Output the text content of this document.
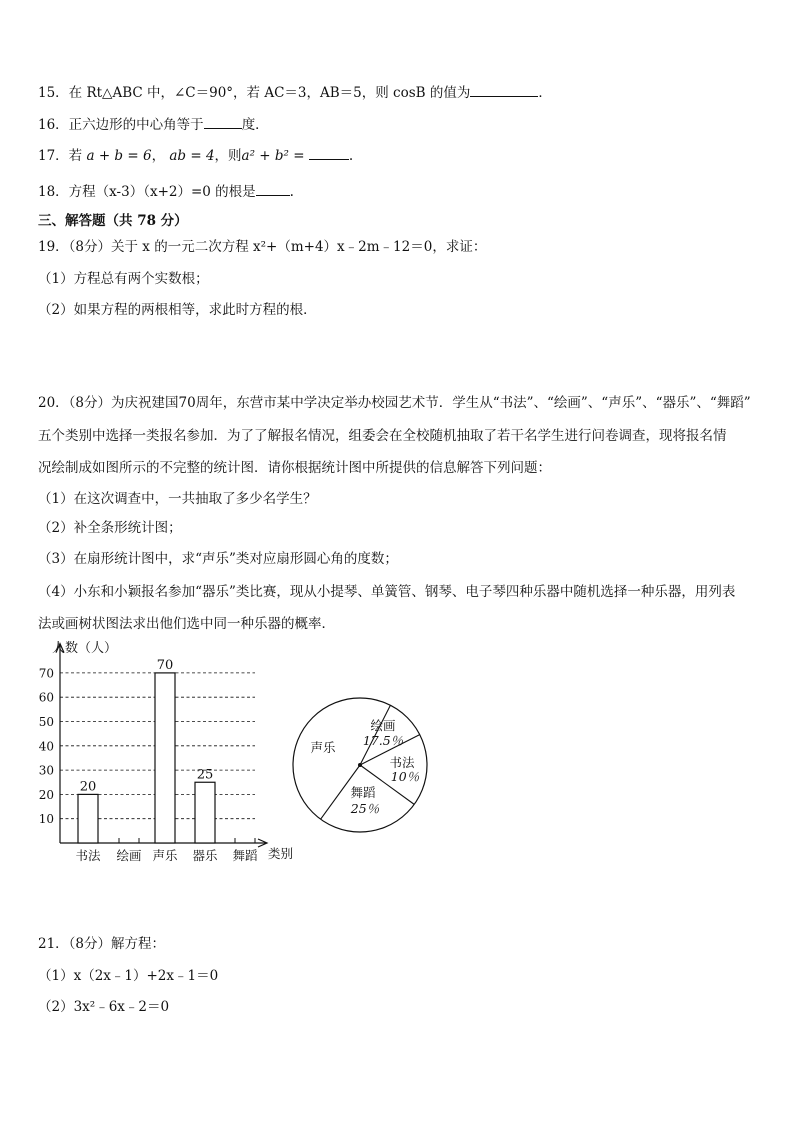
15．在 Rt△ABC 中，∠C＝90°，若 AC＝3，AB＝5，则 cosB 的值为	．
16．正六边形的中心角等于	度．
17．若 a + b = 6， ab = 4，则a² + b² =	.
18．方程（x-3）（x+2）=0 的根是	.
三、解答题（共 78 分）
19．（8分）关于 x 的一元二次方程 x²+（m+4）x﹣2m﹣12＝0，求证：
（1）方程总有两个实数根；
（2）如果方程的两根相等，求此时方程的根．
20．（8分）为庆祝建国70周年，东营市某中学决定举办校园艺术节．学生从“书法”、“绘画”、“声乐”、“器乐”、“舞蹈”
五个类别中选择一类报名参加．为了了解报名情况，组委会在全校随机抽取了若干名学生进行问卷调查，现将报名情
况绘制成如图所示的不完整的统计图．请你根据统计图中所提供的信息解答下列问题：
（1）在这次调查中，一共抽取了多少名学生？
（2）补全条形统计图；
（3）在扇形统计图中，求“声乐”类对应扇形圆心角的度数；
（4）小东和小颖报名参加“器乐”类比赛，现从小提琴、单簧管、钢琴、电子琴四种乐器中随机选择一种乐器，用列表
法或画树状图法求出他们选中同一种乐器的概率．
10
20
30
40
50
60
70
人数（人）
类别
书法
20
绘画 声乐
70
器乐
25
舞蹈
声乐
绘画
17.5％
书法
10％
舞蹈
25％
21．（8分）解方程：
（1）x（2x﹣1）+2x﹣1＝0
（2）3x²﹣6x﹣2＝0
